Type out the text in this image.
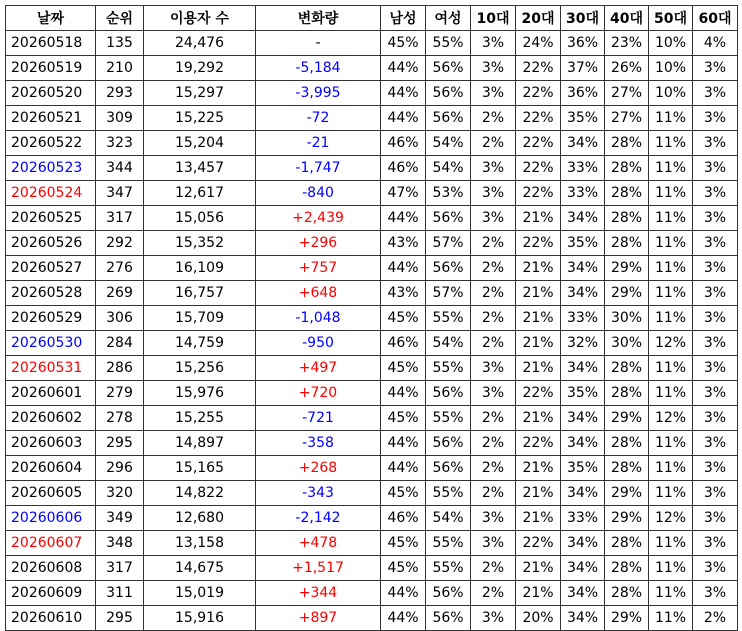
날짜	순위	이용자 수	변화량	남성	여성	10대	20대	30대	40대	50대	60대
20260518	135	24,476	-	45%	55%	3%	24%	36%	23%	10%	4%
20260519	210	19,292	-5,184	44%	56%	3%	22%	37%	26%	10%	3%
20260520	293	15,297	-3,995	44%	56%	3%	22%	36%	27%	10%	3%
20260521	309	15,225	-72	44%	56%	2%	22%	35%	27%	11%	3%
20260522	323	15,204	-21	46%	54%	2%	22%	34%	28%	11%	3%
20260523	344	13,457	-1,747	46%	54%	3%	22%	33%	28%	11%	3%
20260524	347	12,617	-840	47%	53%	3%	22%	33%	28%	11%	3%
20260525	317	15,056	+2,439	44%	56%	3%	21%	34%	28%	11%	3%
20260526	292	15,352	+296	43%	57%	2%	22%	35%	28%	11%	3%
20260527	276	16,109	+757	44%	56%	2%	21%	34%	29%	11%	3%
20260528	269	16,757	+648	43%	57%	2%	21%	34%	29%	11%	3%
20260529	306	15,709	-1,048	45%	55%	2%	21%	33%	30%	11%	3%
20260530	284	14,759	-950	46%	54%	2%	21%	32%	30%	12%	3%
20260531	286	15,256	+497	45%	55%	3%	21%	34%	28%	11%	3%
20260601	279	15,976	+720	44%	56%	3%	22%	35%	28%	11%	3%
20260602	278	15,255	-721	45%	55%	2%	21%	34%	29%	12%	3%
20260603	295	14,897	-358	44%	56%	2%	22%	34%	28%	11%	3%
20260604	296	15,165	+268	44%	56%	2%	21%	35%	28%	11%	3%
20260605	320	14,822	-343	45%	55%	2%	21%	34%	29%	11%	3%
20260606	349	12,680	-2,142	46%	54%	3%	21%	33%	29%	12%	3%
20260607	348	13,158	+478	45%	55%	3%	22%	34%	28%	11%	3%
20260608	317	14,675	+1,517	45%	55%	2%	21%	34%	28%	11%	3%
20260609	311	15,019	+344	44%	56%	2%	21%	34%	28%	11%	3%
20260610	295	15,916	+897	44%	56%	3%	20%	34%	29%	11%	2%
